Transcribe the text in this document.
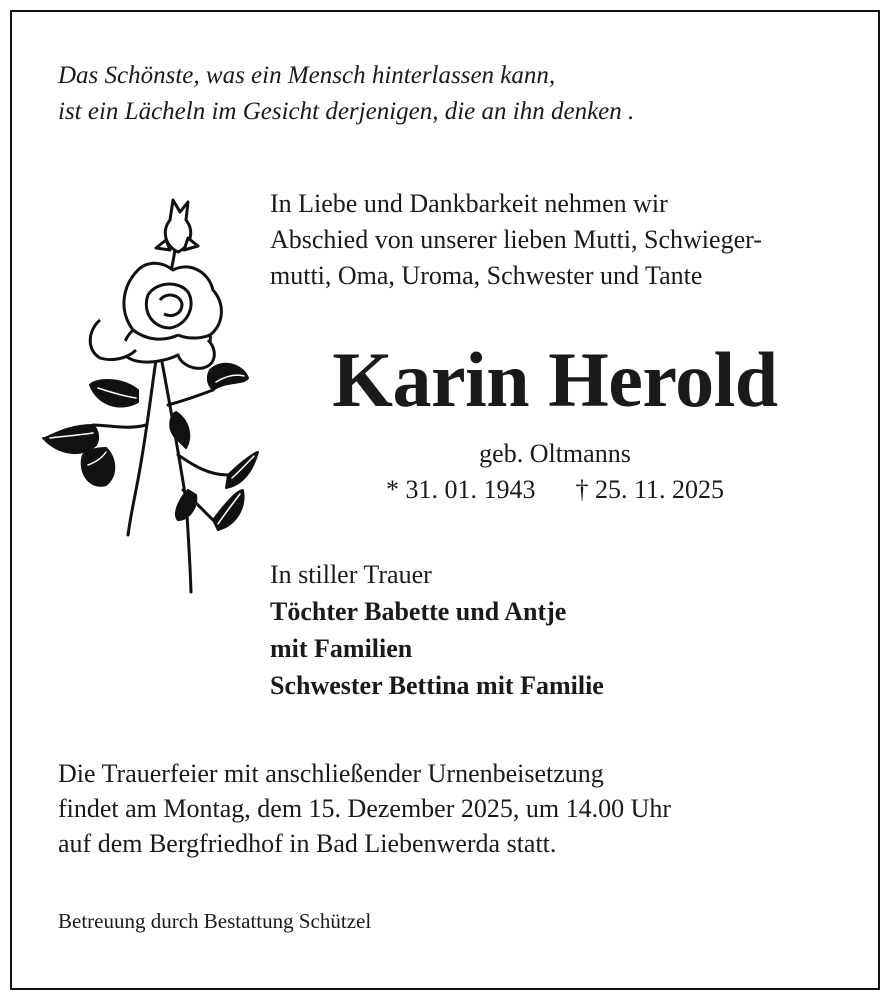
Das Schönste, was ein Mensch hinterlassen kann,
ist ein Lächeln im Gesicht derjenigen, die an ihn denken .
In Liebe und Dankbarkeit nehmen wir
Abschied von unserer lieben Mutti, Schwieger-
mutti, Oma, Uroma, Schwester und Tante
Karin Herold
geb. Oltmanns
* 31. 01. 1943 † 25. 11. 2025
In stiller Trauer
Töchter Babette und Antje
mit Familien
Schwester Bettina mit Familie
Die Trauerfeier mit anschließender Urnenbeisetzung
findet am Montag, dem 15. Dezember 2025, um 14.00 Uhr
auf dem Bergfriedhof in Bad Liebenwerda statt.
Betreuung durch Bestattung Schützel
